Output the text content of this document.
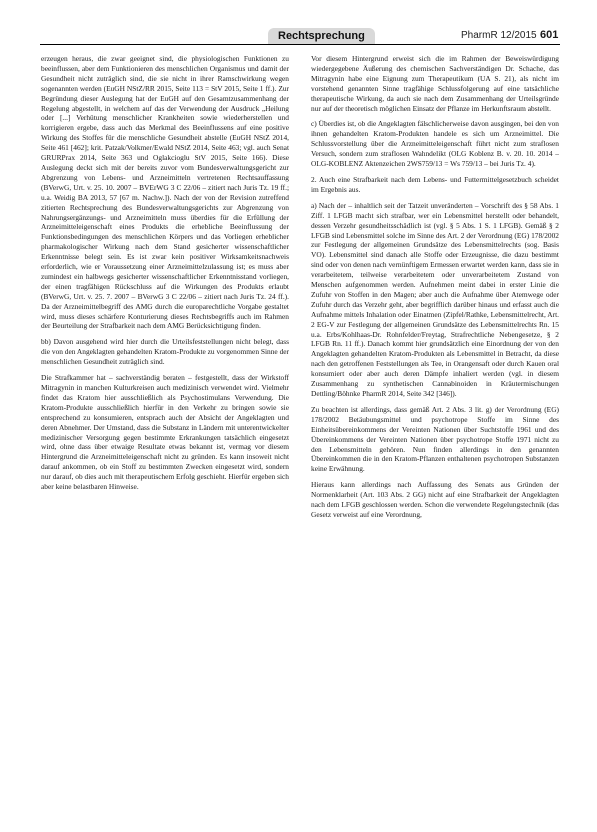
Rechtsprechung	PharmR 12/2015 601

erzeugen heraus, die zwar geeignet sind, die physiologischen Funktionen zu beeinflussen, aber dem Funktionieren des menschlichen Organismus und damit der Gesundheit nicht zuträglich sind, die sie nicht in ihrer Ramschwirkung wegen sogenannten werden (EuGH NStZ/RR 2015, Seite 113 = StV 2015, Seite 1 ff.). Zur Begründung dieser Auslegung hat der EuGH auf den Gesamtzusammenhang der Regelung abgestellt, in welchem auf das der Verwendung der Ausdruck „Heilung oder [...] Verhütung menschlicher Krankheiten sowie wiederherstellen und korrigieren ergebe, dass auch das Merkmal des Beeinflussens auf eine positive Wirkung des Stoffes für die menschliche Gesundheit abstelle (EuGH NStZ 2014, Seite 461 [462]; krit. Patzak/Volkmer/Ewald NStZ 2014, Seite 463; vgl. auch Senat GRURPrax 2014, Seite 363 und Oglakcioglu StV 2015, Seite 166). Diese Auslegung deckt sich mit der bereits zuvor vom Bundesverwaltungsgericht zur Abgrenzung von Lebens- und Arzneimitteln vertretenen Rechtsauffassung (BVerwG, Urt. v. 25. 10. 2007 – BVErWG 3 C 22/06 – zitiert nach Juris Tz. 19 ff.; u.a. Weidig BA 2013, 57 [67 m. Nachw.]). Nach der von der Revision zutreffend zitierten Rechtsprechung des Bundesverwaltungsgerichts zur Abgrenzung von Nahrungsergänzungs- und Arzneimitteln muss überdies für die Erfüllung der Arzneimitteleigenschaft eines Produkts die erhebliche Beeinflussung der Funktionsbedingungen des menschlichen Körpers und das Vorliegen erheblicher pharmakologischer Wirkung nach dem Stand gesicherter wissenschaftlicher Erkenntnisse belegt sein. Es ist zwar kein positiver Wirksamkeitsnachweis erforderlich, wie er Voraussetzung einer Arzneimittelzulassung ist; es muss aber zumindest ein halbwegs gesicherter wissenschaftlicher Erkenntnisstand vorliegen, der einen tragfähigen Rückschluss auf die Wirkungen des Produkts erlaubt (BVerwG, Urt. v. 25. 7. 2007 – BVerwG 3 C 22/06 – zitiert nach Juris Tz. 24 ff.). Da der Arzneimittelbegriff des AMG durch die europarechtliche Vorgabe gestaltet wird, muss dieses schärfere Konturierung dieses Rechtsbegriffs auch im Rahmen der Beurteilung der Strafbarkeit nach dem AMG Berücksichtigung finden.

bb) Davon ausgehend wird hier durch die Urteilsfeststellungen nicht belegt, dass die von den Angeklagten gehandelten Kratom-Produkte zu vorgenommen Sinne der menschlichen Gesundheit zuträglich sind.

Die Strafkammer hat – sachverständig beraten – festgestellt, dass der Wirkstoff Mitragynin in manchen Kulturkreisen auch medizinisch verwendet wird. Vielmehr findet das Kratom hier ausschließlich als Psychostimulans Verwendung. Die Kratom-Produkte ausschließlich hierfür in den Verkehr zu bringen sowie sie entsprechend zu konsumieren, entsprach auch der Absicht der Angeklagten und deren Abnehmer. Der Umstand, dass die Substanz in Ländern mit unterentwickelter medizinischer Versorgung gegen bestimmte Erkrankungen tatsächlich eingesetzt wird, ohne dass über etwaige Resultate etwas bekannt ist, vermag vor diesem Hintergrund die Arzneimitteleigenschaft nicht zu gründen. Es kann insoweit nicht darauf ankommen, ob ein Stoff zu bestimmten Zwecken eingesetzt wird, sondern nur darauf, ob dies auch mit therapeutischem Erfolg geschieht. Hierfür ergeben sich aber keine belastbaren Hinweise.

Vor diesem Hintergrund erweist sich die im Rahmen der Beweiswürdigung wiedergegebene Äußerung des chemischen Sachverständigen Dr. Schache, das Mitragynin habe eine Eignung zum Therapeutikum (UA S. 21), als nicht im vorstehend genannten Sinne tragfähige Schlussfolgerung auf eine tatsächliche therapeutische Wirkung, da auch sie nach dem Zusammenhang der Urteilsgründe nur auf der theoretisch möglichen Einsatz der Pflanze im Herkunftsraum abstellt.

c) Überdies ist, ob die Angeklagten fälschlicherweise davon ausgingen, bei den von ihnen gehandelten Kratom-Produkten handele es sich um Arzneimittel. Die Schlussvorstellung über die Arzneimitteleigenschaft führt nicht zum straflosen Versuch, sondern zum straflosen Wahndelikt (OLG Koblenz B. v. 20. 10. 2014 – OLG-KOBLENZ Aktenzeichen 2WS759/13 = Ws 759/13 – bei Juris Tz. 4).

2. Auch eine Strafbarkeit nach dem Lebens- und Futtermittelgesetzbuch scheidet im Ergebnis aus.

a) Nach der – inhaltlich seit der Tatzeit unveränderten – Vorschrift des § 58 Abs. 1 Ziff. 1 LFGB macht sich strafbar, wer ein Lebensmittel herstellt oder behandelt, dessen Verzehr gesundheitsschädlich ist (vgl. § 5 Abs. 1 S. 1 LFGB). Gemäß § 2 LFGB sind Lebensmittel solche im Sinne des Art. 2 der Verordnung (EG) 178/2002 zur Festlegung der allgemeinen Grundsätze des Lebensmittelrechts (sog. Basis VO). Lebensmittel sind danach alle Stoffe oder Erzeugnisse, die dazu bestimmt sind oder von denen nach vernünftigem Ermessen erwartet werden kann, dass sie in verarbeitetem, teilweise verarbeitetem oder unverarbeitetem Zustand von Menschen aufgenommen werden. Aufnehmen meint dabei in erster Linie die Zufuhr von Stoffen in den Magen; aber auch die Aufnahme über Atemwege oder Zufuhr durch das Verzehr geht, aber begrifflich darüber hinaus und erfasst auch die Aufnahme mittels Inhalation oder Einatmen (Zipfel/Rathke, Lebensmittelrecht, Art. 2 EG-V zur Festlegung der allgemeinen Grundsätze des Lebensmittelrechts Rn. 15 u.a. Erbs/Kohlhaas-Dr. Rohnfelder/Freytag, Strafrechtliche Nebengesetze, § 2 LFGB Rn. 11 ff.). Danach kommt hier grundsätzlich eine Einordnung der von den Angeklagten gehandelten Kratom-Produkten als Lebensmittel in Betracht, da diese nach den getroffenen Feststellungen als Tee, in Orangensaft oder durch Kauen oral konsumiert oder aber auch deren Dämpfe inhaliert werden (vgl. in diesem Zusammenhang zu synthetischen Cannabinoiden in Kräutermischungen Dettling/Böhnke PharmR 2014, Seite 342 [346]).

Zu beachten ist allerdings, dass gemäß Art. 2 Abs. 3 lit. g) der Verordnung (EG) 178/2002 Betäubungsmittel und psychotrope Stoffe im Sinne des Einheitsübereinkommens der Vereinten Nationen über Suchtstoffe 1961 und des Übereinkommens der Vereinten Nationen über psychotrope Stoffe 1971 nicht zu den Lebensmitteln gehören. Nun finden allerdings in den genannten Übereinkommen die in den Kratom-Pflanzen enthaltenen psychotropen Substanzen keine Erwähnung.

Hieraus kann allerdings nach Auffassung des Senats aus Gründen der Normenklarheit (Art. 103 Abs. 2 GG) nicht auf eine Strafbarkeit der Angeklagten nach dem LFGB geschlossen werden. Schon die verwendete Regelungstechnik (das Gesetz verweist auf eine Verordnung,
